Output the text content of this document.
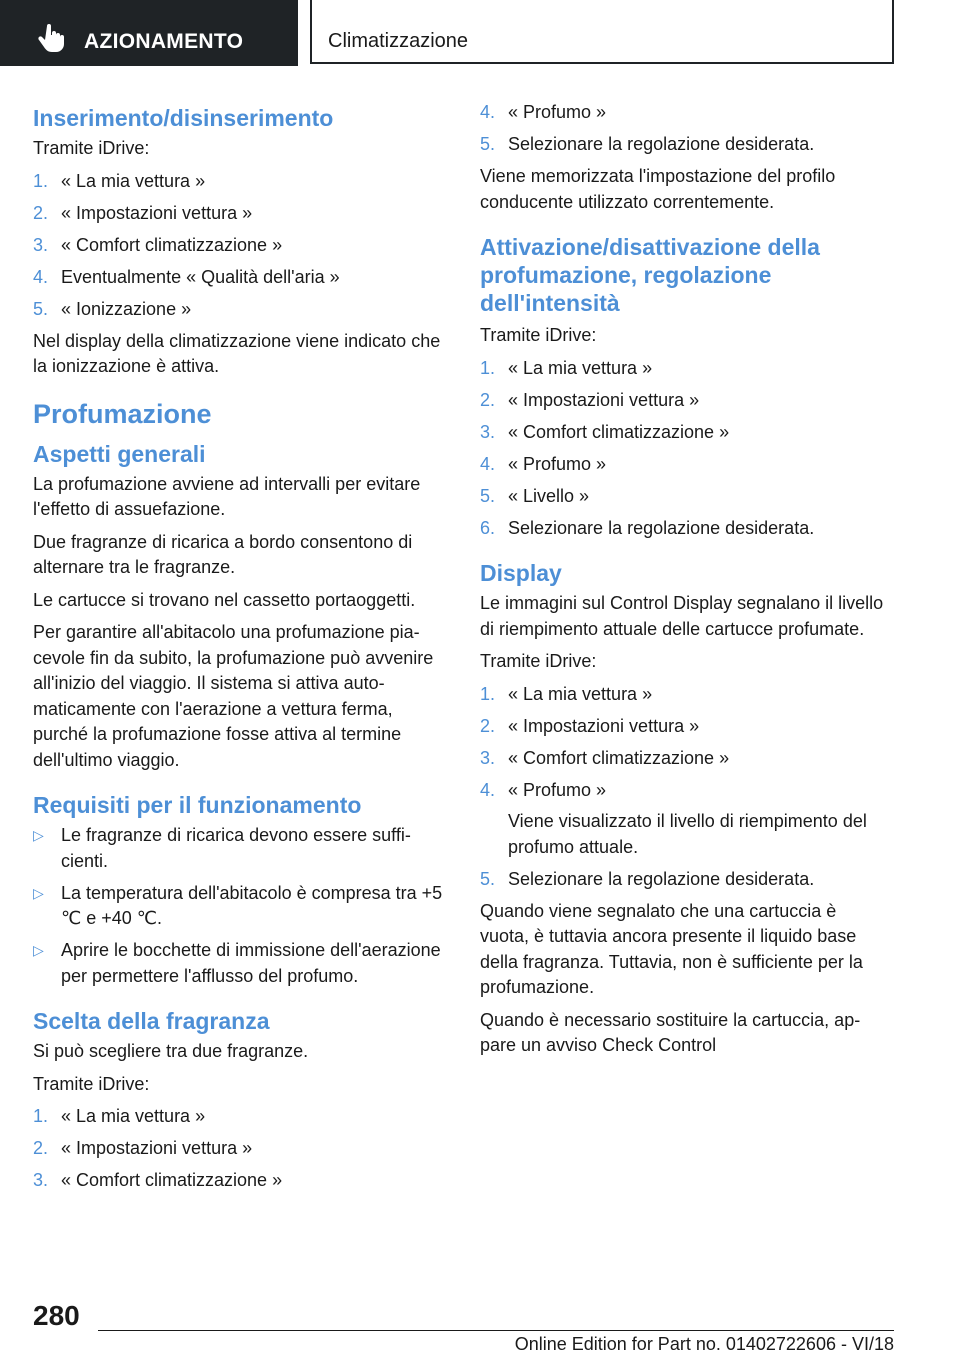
AZIONAMENTO	Climatizzazione
Inserimento/disinserimento

Tramite iDrive:

1. « La mia vettura »
2. « Impostazioni vettura »
3. « Comfort climatizzazione »
4. Eventualmente « Qualità dell'aria »
5. « Ionizzazione »

Nel display della climatizzazione viene indicato che la ionizzazione è attiva.

Profumazione
Aspetti generali

La profumazione avviene ad intervalli per evitare l'effetto di assuefazione.

Due fragranze di ricarica a bordo consentono di alternare tra le fragranze.

Le cartucce si trovano nel cassetto portaoggetti.

Per garantire all'abitacolo una profumazione piacevole fin da subito, la profumazione può avvenire all'inizio del viaggio. Il sistema si attiva automaticamente con l'aerazione a vettura ferma, purché la profumazione fosse attiva al termine dell'ultimo viaggio.

Requisiti per il funzionamento
▷ Le fragranze di ricarica devono essere sufficienti.
▷ La temperatura dell'abitacolo è compresa tra +5 ℃ e +40 ℃.
▷ Aprire le bocchette di immissione dell'aerazione per permettere l'afflusso del profumo.
Scelta della fragranza

Si può scegliere tra due fragranze.

Tramite iDrive:

1. « La mia vettura »
2. « Impostazioni vettura »
3. « Comfort climatizzazione »
4. « Profumo »
5. Selezionare la regolazione desiderata.

Viene memorizzata l'impostazione del profilo conducente utilizzato correntemente.

Attivazione/disattivazione della profumazione, regolazione dell'intensità

Tramite iDrive:

1. « La mia vettura »
2. « Impostazioni vettura »
3. « Comfort climatizzazione »
4. « Profumo »
5. « Livello »
6. Selezionare la regolazione desiderata.
Display

Le immagini sul Control Display segnalano il livello di riempimento attuale delle cartucce profumate.

Tramite iDrive:

1. « La mia vettura »
2. « Impostazioni vettura »
3. « Comfort climatizzazione »
4. « Profumo »
Viene visualizzato il livello di riempimento del profumo attuale.
5. Selezionare la regolazione desiderata.

Quando viene segnalato che una cartuccia è vuota, è tuttavia ancora presente il liquido base della fragranza. Tuttavia, non è sufficiente per la profumazione.

Quando è necessario sostituire la cartuccia, appare un avviso Check Control

280
Online Edition for Part no. 01402722606 - VI/18
